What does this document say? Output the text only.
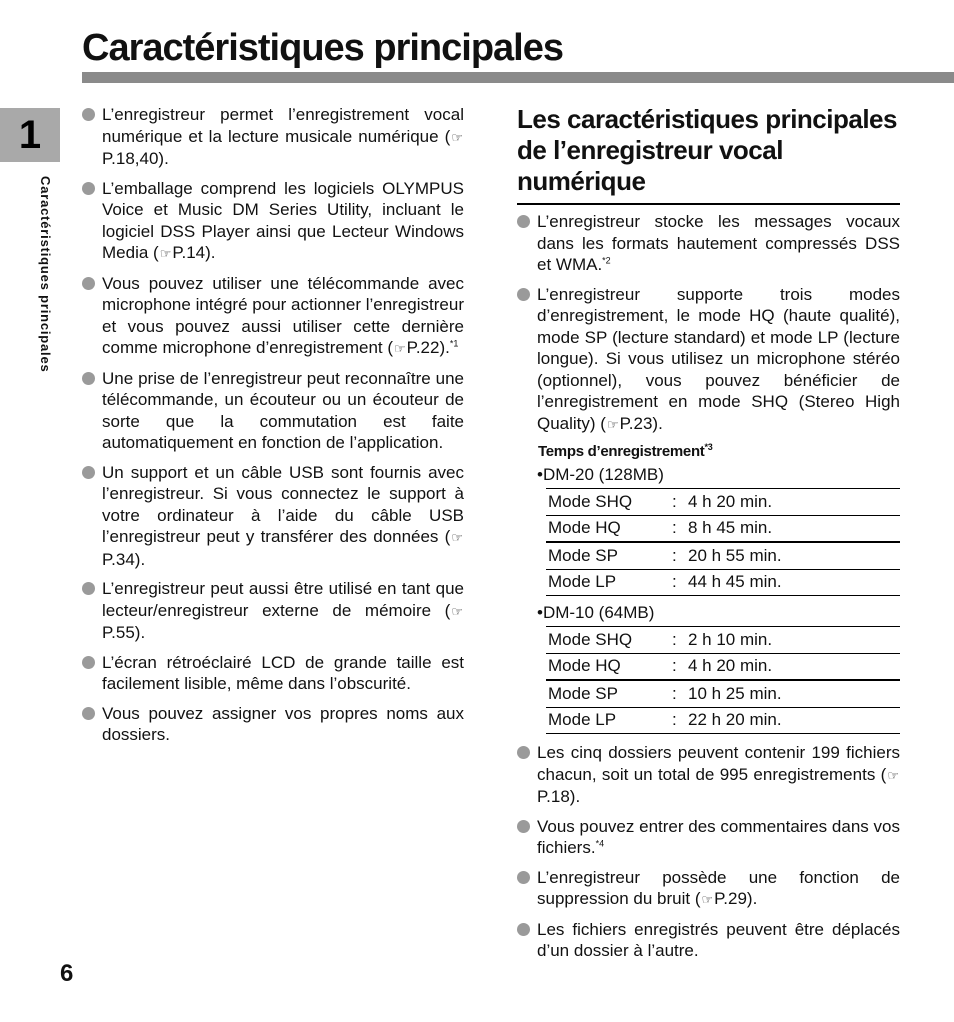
Caractéristiques principales
1
Caractéristiques principales
6
L’enregistreur permet l’enregistrement vocal numérique et la lecture musicale numérique (☞P.18,40).
L’emballage comprend les logiciels OLYMPUS Voice et Music DM Series Utility, incluant le logiciel DSS Player ainsi que Lecteur Windows Media (☞P.14).
Vous pouvez utiliser une télécommande avec microphone intégré pour actionner l’enregistreur et vous pouvez aussi utiliser cette dernière comme microphone d’enregistrement (☞P.22).$^{*1}$
Une prise de l’enregistreur peut reconnaître une télécommande, un écouteur ou un écouteur de sorte que la commutation est faite automatiquement en fonction de l’application.
Un support et un câble USB sont fournis avec l’enregistreur. Si vous connectez le support à votre ordinateur à l’aide du câble USB l’enregistreur peut y transférer des données (☞P.34).
L’enregistreur peut aussi être utilisé en tant que lecteur/enregistreur externe de mémoire (☞P.55).
L’écran rétroéclairé LCD de grande taille est facilement lisible, même dans l’obscurité.
Vous pouvez assigner vos propres noms aux dossiers.
Les caractéristiques principales de l’enregistreur vocal numérique
L’enregistreur stocke les messages vocaux dans les formats hautement compressés DSS et WMA.$^{*2}$
L’enregistreur supporte trois modes d’enregistrement, le mode HQ (haute qualité), mode SP (lecture standard) et mode LP (lecture longue). Si vous utilisez un microphone stéréo (optionnel), vous pouvez bénéficier de l’enregistrement en mode SHQ (Stereo High Quality) (☞P.23).
Temps d’enregistrement$^{*3}$
•DM-20 (128MB)
Mode SHQ	:	4 h 20 min.
Mode HQ	:	8 h 45 min.
Mode SP	:	20 h 55 min.
Mode LP	:	44 h 45 min.
•DM-10 (64MB)
Mode SHQ	:	2 h 10 min.
Mode HQ	:	4 h 20 min.
Mode SP	:	10 h 25 min.
Mode LP	:	22 h 20 min.
Les cinq dossiers peuvent contenir 199 fichiers chacun, soit un total de 995 enregistrements (☞P.18).
Vous pouvez entrer des commentaires dans vos fichiers.$^{*4}$
L’enregistreur possède une fonction de suppression du bruit (☞P.29).
Les fichiers enregistrés peuvent être déplacés d’un dossier à l’autre.
